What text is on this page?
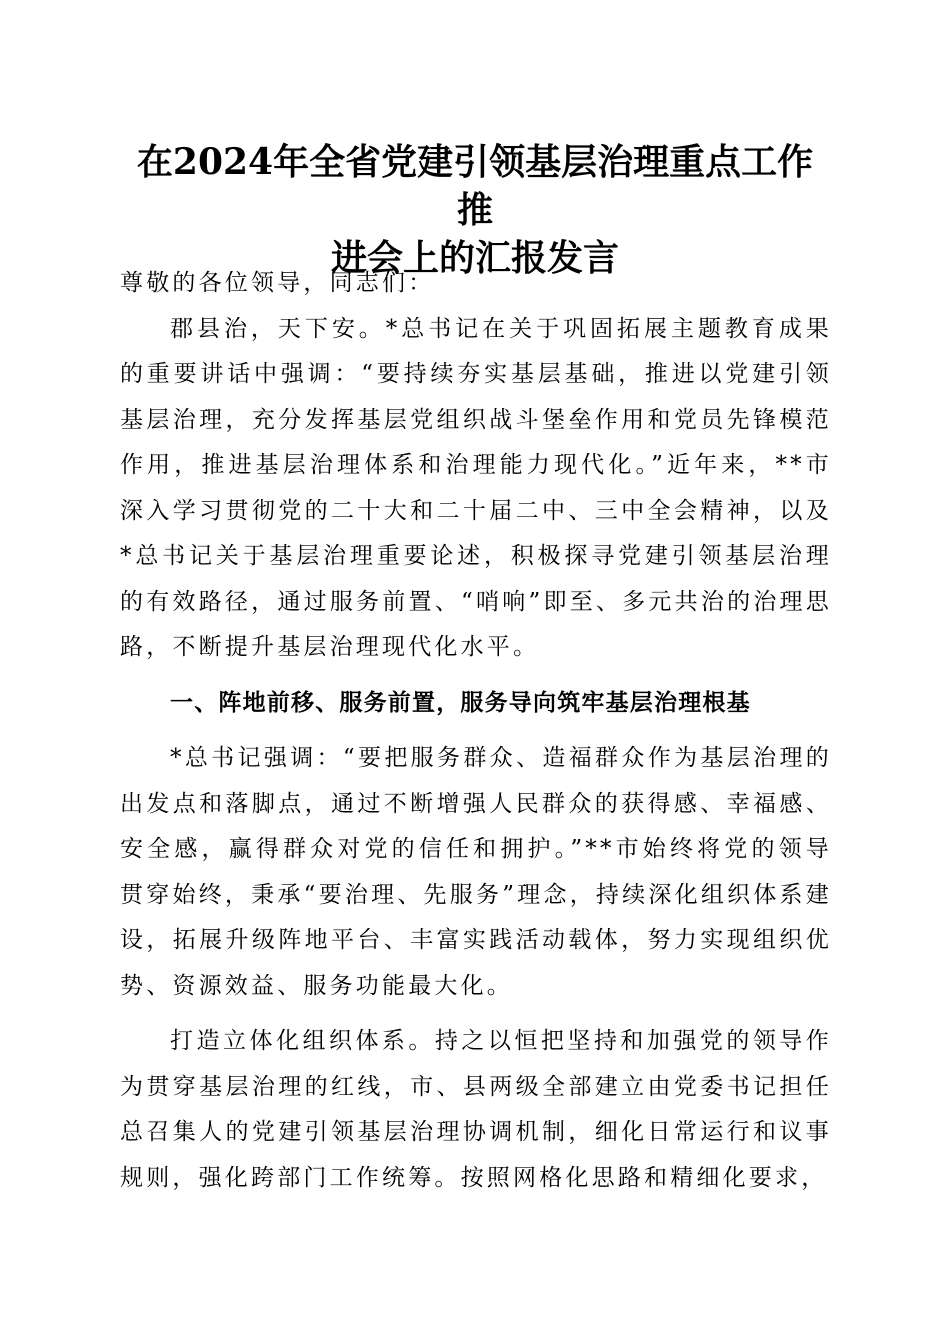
在2024年全省党建引领基层治理重点工作推
进会上的汇报发言

尊敬的各位领导，同志们：

郡县治，天下安。*总书记在关于巩固拓展主题教育成果的重要讲话中强调：“要持续夯实基层基础，推进以党建引领基层治理，充分发挥基层党组织战斗堡垒作用和党员先锋模范作用，推进基层治理体系和治理能力现代化。”近年来，**市深入学习贯彻党的二十大和二十届二中、三中全会精神，以及*总书记关于基层治理重要论述，积极探寻党建引领基层治理的有效路径，通过服务前置、“哨响”即至、多元共治的治理思路，不断提升基层治理现代化水平。

一、阵地前移、服务前置，服务导向筑牢基层治理根基

*总书记强调：“要把服务群众、造福群众作为基层治理的出发点和落脚点，通过不断增强人民群众的获得感、幸福感、安全感，赢得群众对党的信任和拥护。”**市始终将党的领导贯穿始终，秉承“要治理、先服务”理念，持续深化组织体系建设，拓展升级阵地平台、丰富实践活动载体，努力实现组织优势、资源效益、服务功能最大化。

打造立体化组织体系。持之以恒把坚持和加强党的领导作为贯穿基层治理的红线，市、县两级全部建立由党委书记担任总召集人的党建引领基层治理协调机制，细化日常运行和议事规则，强化跨部门工作统筹。按照网格化思路和精细化要求，
